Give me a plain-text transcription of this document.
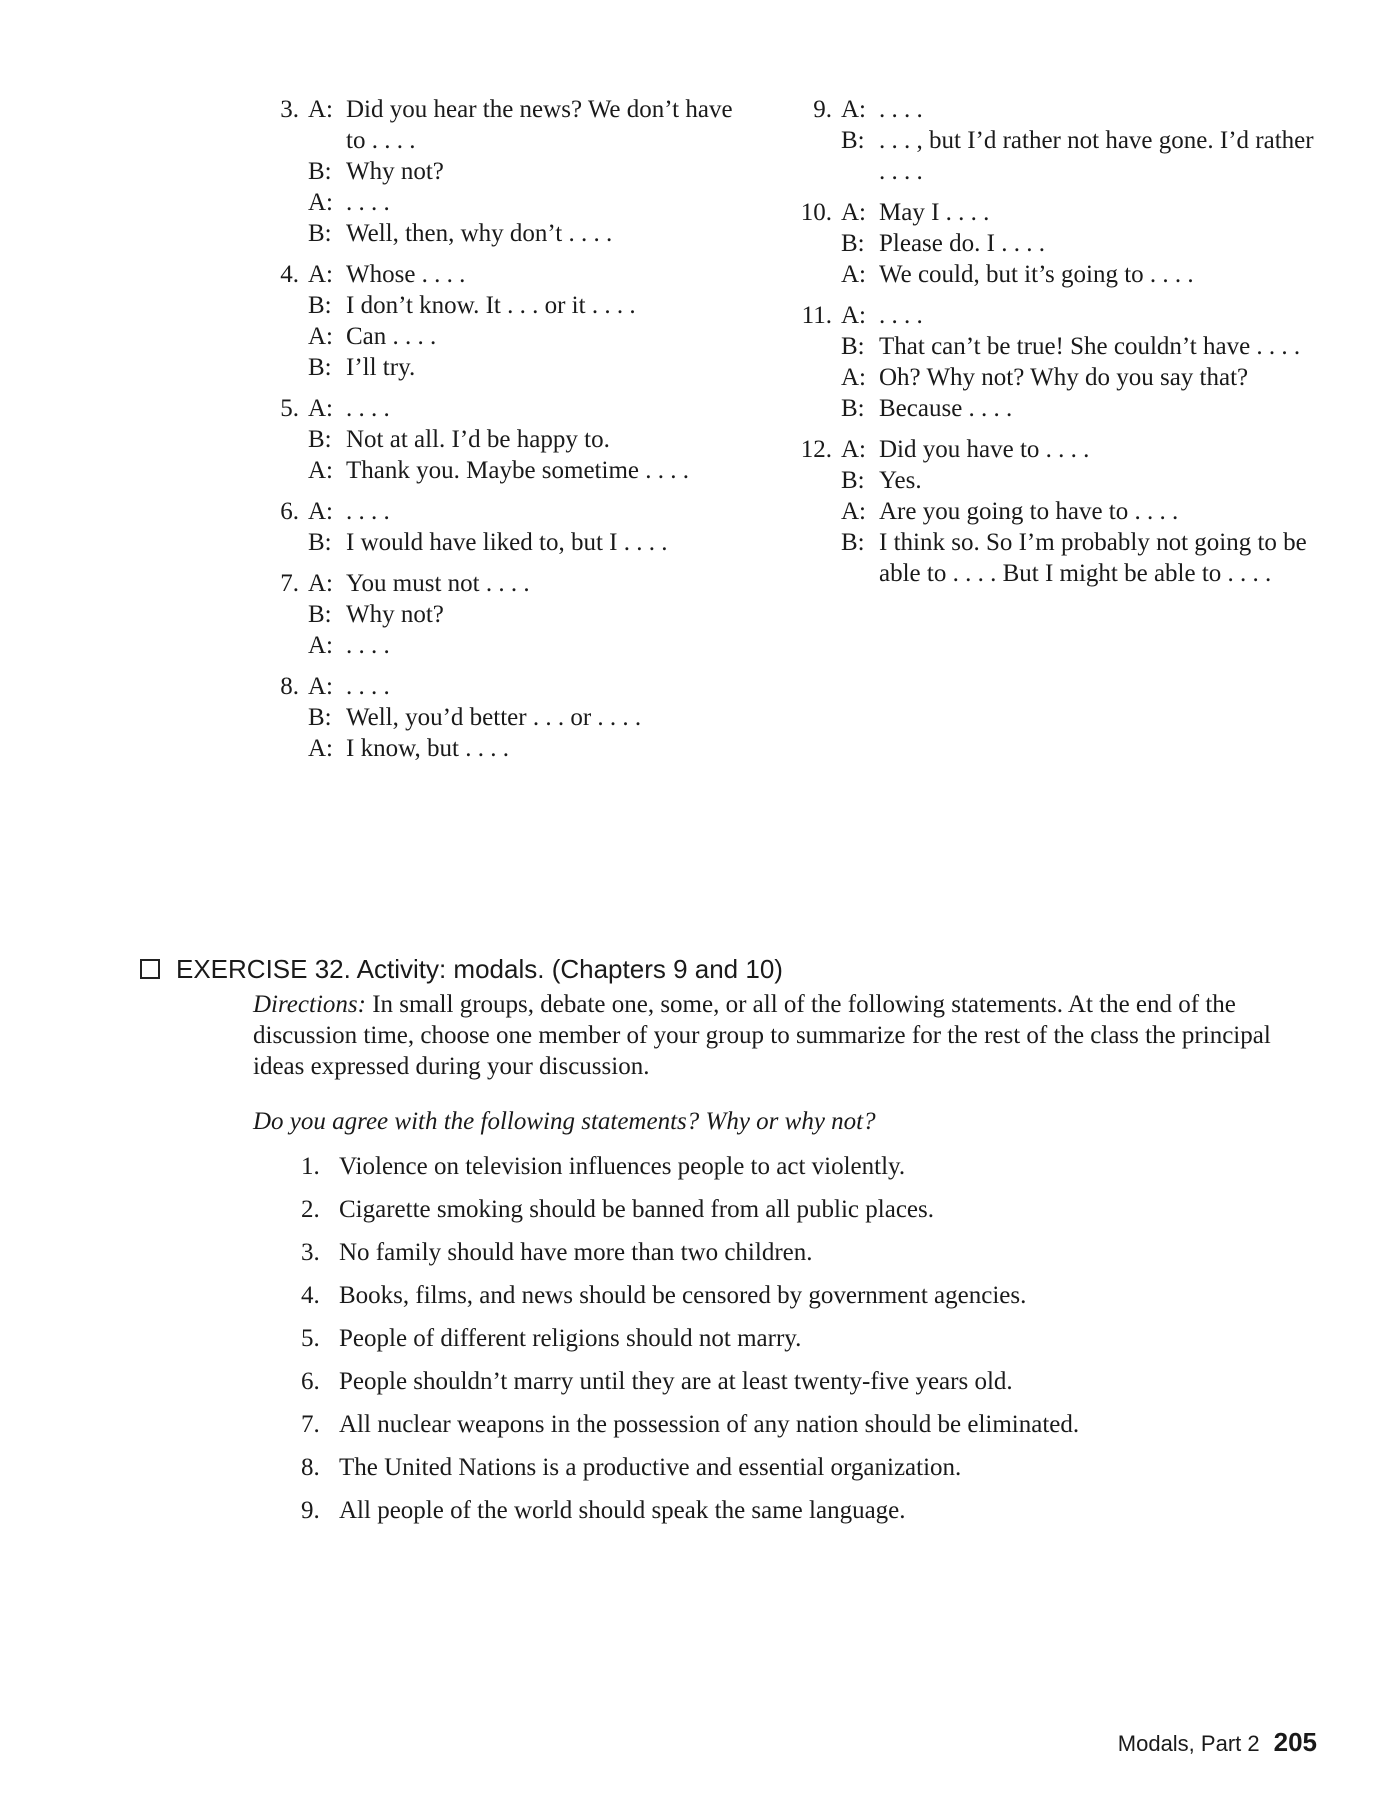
3. A: Did you hear the news? We don’t have to . . . .
B: Why not?
A: . . . .
B: Well, then, why don’t . . . .
4. A: Whose . . . .
B: I don’t know. It . . . or it . . . .
A: Can . . . .
B: I’ll try.
5. A: . . . .
B: Not at all. I’d be happy to.
A: Thank you. Maybe sometime . . . .
6. A: . . . .
B: I would have liked to, but I . . . .
7. A: You must not . . . .
B: Why not?
A: . . . .
8. A: . . . .
B: Well, you’d better . . . or . . . .
A: I know, but . . . .
9. A: . . . .
B: . . . , but I’d rather not have gone. I’d rather . . . .
10. A: May I . . . .
B: Please do. I . . . .
A: We could, but it’s going to . . . .
11. A: . . . .
B: That can’t be true! She couldn’t have . . . .
A: Oh? Why not? Why do you say that?
B: Because . . . .
12. A: Did you have to . . . .
B: Yes.
A: Are you going to have to . . . .
B: I think so. So I’m probably not going to be able to . . . . But I might be able to . . . .
EXERCISE 32. Activity: modals. (Chapters 9 and 10)
Directions: In small groups, debate one, some, or all of the following statements. At the end of the discussion time, choose one member of your group to summarize for the rest of the class the principal ideas expressed during your discussion.
Do you agree with the following statements? Why or why not?
1. Violence on television influences people to act violently.
2. Cigarette smoking should be banned from all public places.
3. No family should have more than two children.
4. Books, films, and news should be censored by government agencies.
5. People of different religions should not marry.
6. People shouldn’t marry until they are at least twenty-five years old.
7. All nuclear weapons in the possession of any nation should be eliminated.
8. The United Nations is a productive and essential organization.
9. All people of the world should speak the same language.
Modals, Part 2 205
